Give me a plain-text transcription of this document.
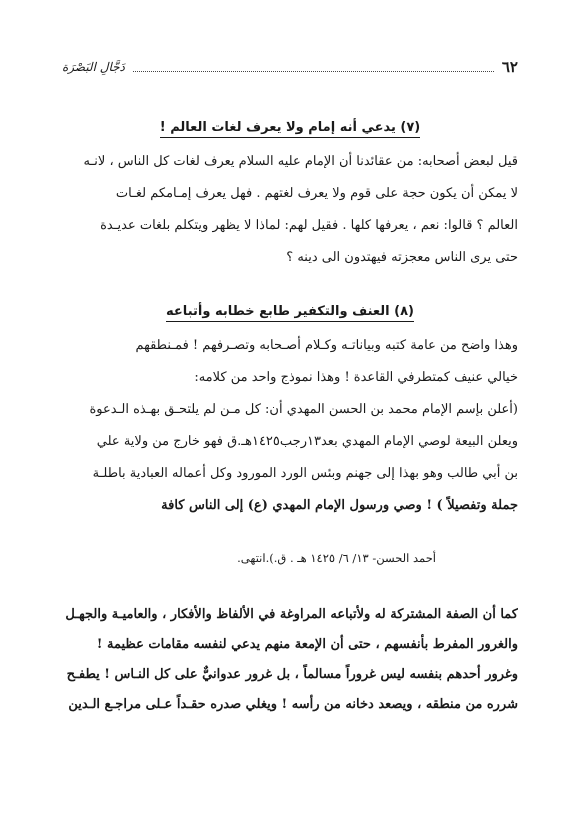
٦٢
دَجَّالِ البَصْرَة
(٧) يدعي أنه إمام ولا يعرف لغات العالم !
قيل لبعض أصحابه: من عقائدنا أن الإمام عليه السلام يعرف لغات كل الناس ، لانـه
لا يمكن أن يكون حجة على قوم ولا يعرف لغتهم . فهل يعرف إمـامكم لغـات
العالم ؟ قالوا: نعم ، يعرفها كلها . فقيل لهم: لماذا لا يظهر ويتكلم بلغات عديـدة
حتى يرى الناس معجزته فيهتدون الى دينه ؟
(٨) العنف والتكفير طابع خطابه وأتباعه
وهذا واضح من عامة كتبه وبياناتـه وكـلام أصـحابه وتصـرفهم ! فمـنطقهم
خيالي عنيف كمتطرفي القاعدة ! وهذا نموذج واحد من كلامه:
(أعلن بإسم الإمام محمد بن الحسن المهدي أن: كل مـن لم يلتحـق بهـذه الـدعوة
ويعلن البيعة لوصي الإمام المهدي بعد١٣رجب١٤٢٥هـ.ق فهو خارج من ولاية علي
بن أبي طالب وهو بهذا إلى جهنم وبئس الورد المورود وكل أعماله العبادية باطلـة
جملة وتفصيلاً ) ! وصي ورسول الإمام المهدي (ع) إلى الناس كافة
أحمد الحسن- ١٣/ ٦/ ١٤٢٥ هـ . ق.).انتهى.
كما أن الصفة المشتركة له ولأتباعه المراوغة في الألفاظ والأفكار ، والعاميـة والجهـل
والغرور المفرط بأنفسهم ، حتى أن الإمعة منهم يدعي لنفسه مقامات عظيمة !
وغرور أحدهم بنفسه ليس غروراً مسالماً ، بل غرور عدوانيٌّ على كل النـاس ! يطفـح
شرره من منطقه ، ويصعد دخانه من رأسه ! ويغلي صدره حقـداً عـلى مراجـع الـدين
